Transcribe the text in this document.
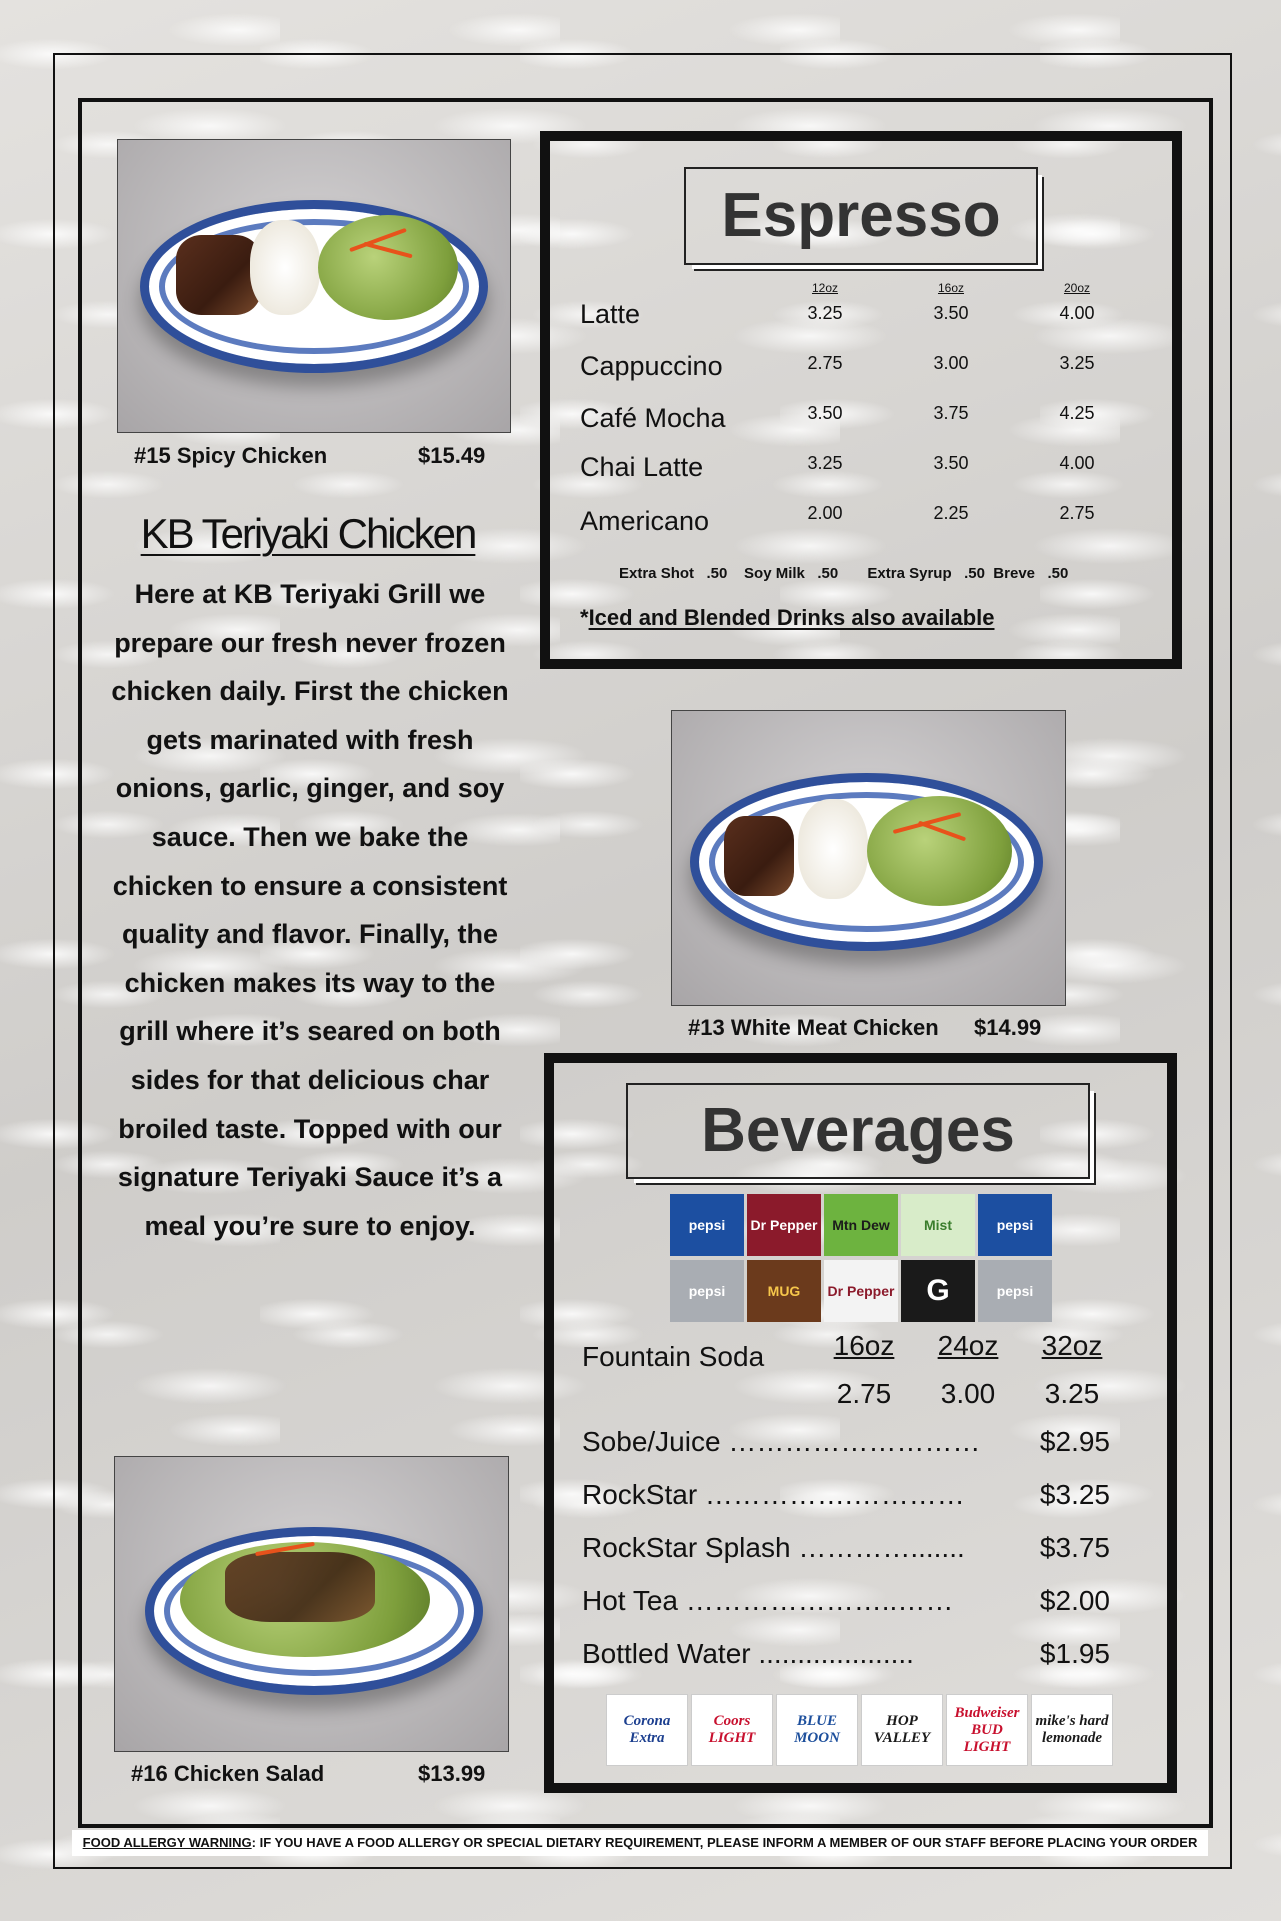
#15 Spicy Chicken	$15.49
KB Teriyaki Chicken
Here at KB Teriyaki Grill we prepare our fresh never frozen chicken daily. First the chicken gets marinated with fresh onions, garlic, ginger, and soy sauce. Then we bake the chicken to ensure a consistent quality and flavor. Finally, the chicken makes its way to the grill where it’s seared on both sides for that delicious char broiled taste. Topped with our signature Teriyaki Sauce it’s a meal you’re sure to enjoy.
#16 Chicken Salad	$13.99
Espresso
12oz	16oz	20oz
Latte	3.25	3.50	4.00
Cappuccino	2.75	3.00	3.25
Café Mocha	3.50	3.75	4.25
Chai Latte	3.25	3.50	4.00
Americano	2.00	2.25	2.75
Extra Shot   .50    Soy Milk   .50       Extra Syrup   .50  Breve   .50
*Iced and Blended Drinks also available
#13 White Meat Chicken $14.99
Beverages
pepsi	Dr Pepper	Mtn Dew	Mist	pepsi
pepsi	MUG	Dr Pepper	G	pepsi
Fountain Soda	16oz	24oz	32oz
2.75	3.00	3.25
Sobe/Juice ………………………	$2.95
RockStar …………….…………	$3.25
RockStar Splash ………….......	$3.75
Hot Tea …………………..……	$2.00
Bottled Water ....................	$1.95
Corona Extra
Coors LIGHT
BLUE MOON
HOP VALLEY
Budweiser BUD LIGHT
mike's hard lemonade
FOOD ALLERGY WARNING: IF YOU HAVE A FOOD ALLERGY OR SPECIAL DIETARY REQUIREMENT, PLEASE INFORM A MEMBER OF OUR STAFF BEFORE PLACING YOUR ORDER
